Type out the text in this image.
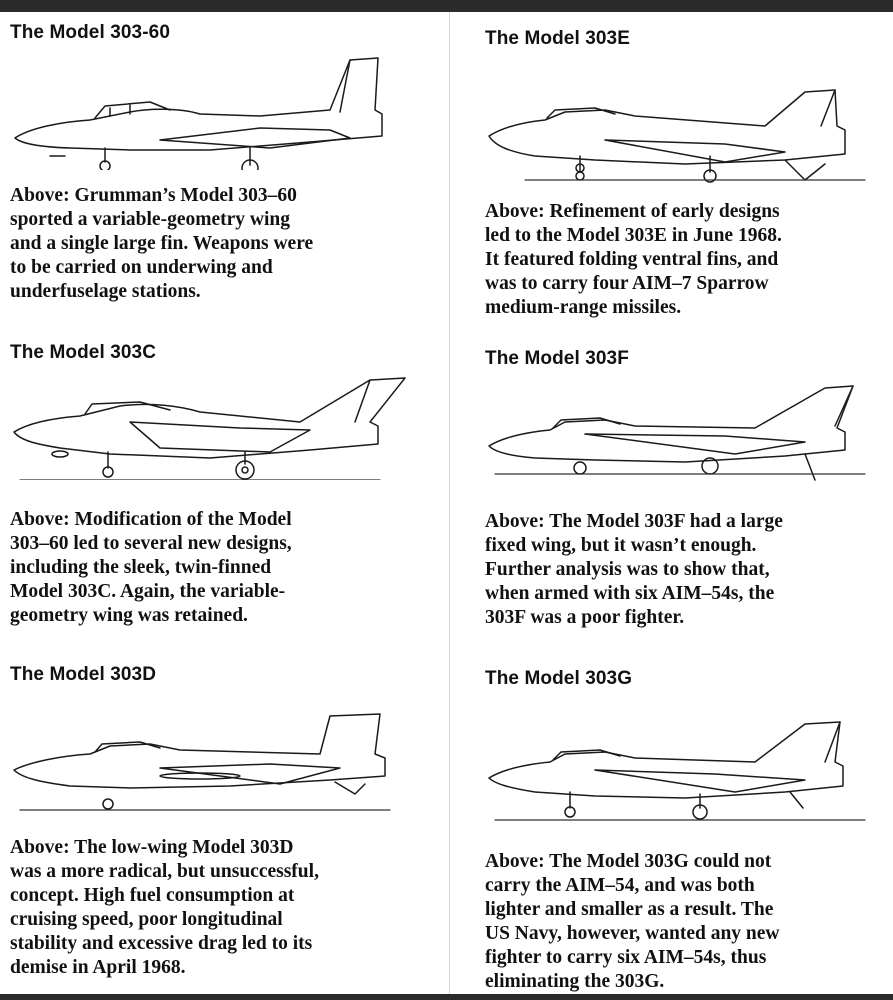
The Model 303-60

Above: Grumman’s Model 303–60
sported a variable-geometry wing
and a single large fin. Weapons were
to be carried on underwing and
underfuselage stations.

The Model 303C

Above: Modification of the Model
303–60 led to several new designs,
including the sleek, twin-finned
Model 303C. Again, the variable-
geometry wing was retained.

The Model 303D

Above: The low-wing Model 303D
was a more radical, but unsuccessful,
concept. High fuel consumption at
cruising speed, poor longitudinal
stability and excessive drag led to its
demise in April 1968.

The Model 303E

Above: Refinement of early designs
led to the Model 303E in June 1968.
It featured folding ventral fins, and
was to carry four AIM–7 Sparrow
medium-range missiles.

The Model 303F

Above: The Model 303F had a large
fixed wing, but it wasn’t enough.
Further analysis was to show that,
when armed with six AIM–54s, the
303F was a poor fighter.

The Model 303G

Above: The Model 303G could not
carry the AIM–54, and was both
lighter and smaller as a result. The
US Navy, however, wanted any new
fighter to carry six AIM–54s, thus
eliminating the 303G.
